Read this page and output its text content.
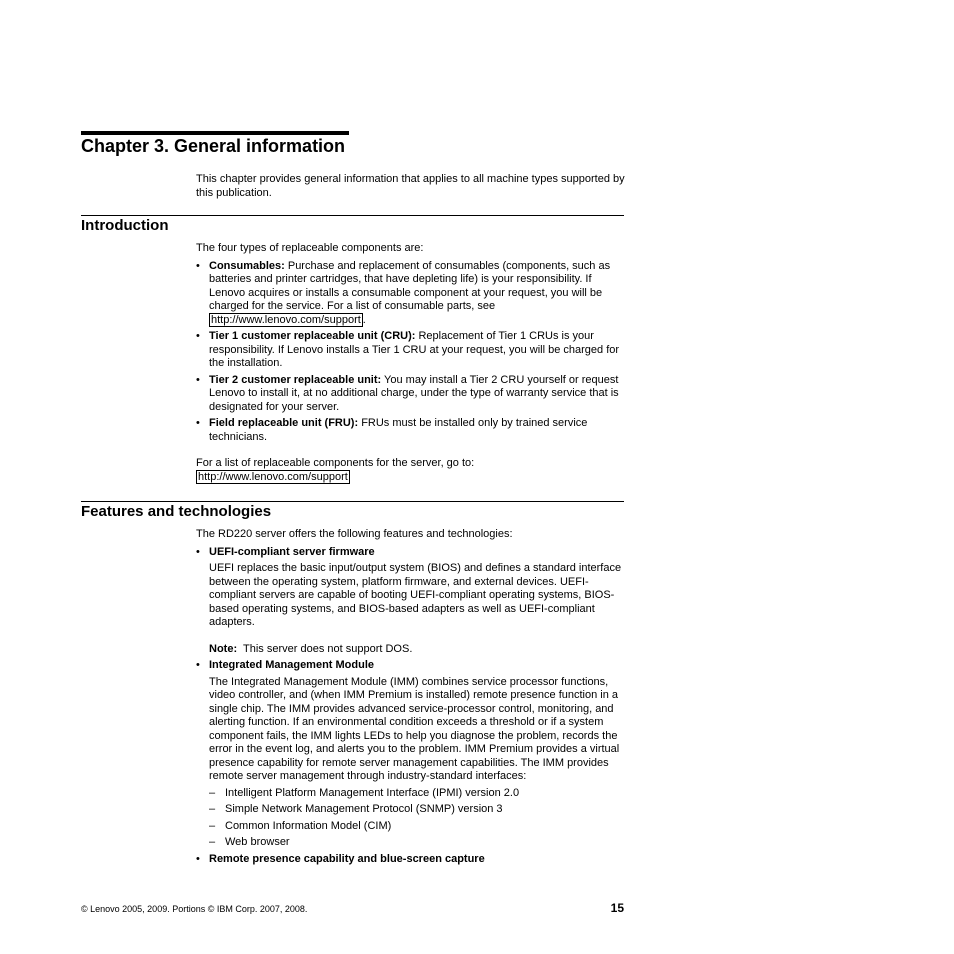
Chapter 3. General information

This chapter provides general information that applies to all machine types supported by this publication.

Introduction

The four types of replaceable components are:

• Consumables: Purchase and replacement of consumables (components, such as batteries and printer cartridges, that have depleting life) is your responsibility. If Lenovo acquires or installs a consumable component at your request, you will be charged for the service. For a list of consumable parts, see http://www.lenovo.com/support .
• Tier 1 customer replaceable unit (CRU): Replacement of Tier 1 CRUs is your responsibility. If Lenovo installs a Tier 1 CRU at your request, you will be charged for the installation.
• Tier 2 customer replaceable unit: You may install a Tier 2 CRU yourself or request Lenovo to install it, at no additional charge, under the type of warranty service that is designated for your server.
• Field replaceable unit (FRU): FRUs must be installed only by trained service technicians.

For a list of replaceable components for the server, go to:
http://www.lenovo.com/support

Features and technologies

The RD220 server offers the following features and technologies:

• UEFI-compliant server firmware

UEFI replaces the basic input/output system (BIOS) and defines a standard interface between the operating system, platform firmware, and external devices. UEFI-compliant servers are capable of booting UEFI-compliant operating systems, BIOS-based operating systems, and BIOS-based adapters as well as UEFI-compliant adapters.

Note: This server does not support DOS.

• Integrated Management Module

The Integrated Management Module (IMM) combines service processor functions, video controller, and (when IMM Premium is installed) remote presence function in a single chip. The IMM provides advanced service-processor control, monitoring, and alerting function. If an environmental condition exceeds a threshold or if a system component fails, the IMM lights LEDs to help you diagnose the problem, records the error in the event log, and alerts you to the problem. IMM Premium provides a virtual presence capability for remote server management capabilities. The IMM provides remote server management through industry-standard interfaces:

– Intelligent Platform Management Interface (IPMI) version 2.0
– Simple Network Management Protocol (SNMP) version 3
– Common Information Model (CIM)
– Web browser
• Remote presence capability and blue-screen capture
© Lenovo 2005, 2009. Portions © IBM Corp. 2007, 2008.	15
